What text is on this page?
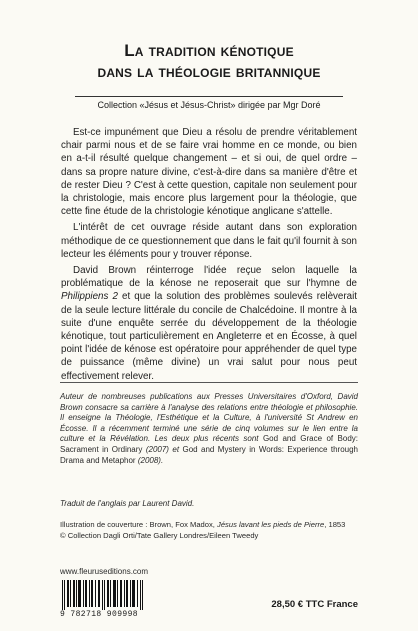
La tradition kénotique
dans la théologie britannique
Collection «Jésus et Jésus-Christ» dirigée par Mgr Doré

Est-ce impunément que Dieu a résolu de prendre véritablement chair parmi nous et de se faire vrai homme en ce monde, ou bien en a-t-il résulté quelque changement – et si oui, de quel ordre – dans sa propre nature divine, c'est-à-dire dans sa manière d'être et de rester Dieu ? C'est à cette question, capitale non seulement pour la christologie, mais encore plus largement pour la théologie, que cette fine étude de la christologie kénotique anglicane s'attelle.

L'intérêt de cet ouvrage réside autant dans son exploration méthodique de ce questionnement que dans le fait qu'il fournit à son lecteur les éléments pour y trouver réponse.

David Brown réinterroge l'idée reçue selon laquelle la problématique de la kénose ne reposerait que sur l'hymne de Philippiens 2 et que la solution des problèmes soulevés relèverait de la seule lecture littérale du concile de Chalcédoine. Il montre à la suite d'une enquête serrée du développement de la théologie kénotique, tout particulièrement en Angleterre et en Écosse, à quel point l'idée de kénose est opératoire pour appréhender de quel type de puissance (même divine) un vrai salut pour nous peut effectivement relever.

Auteur de nombreuses publications aux Presses Universitaires d'Oxford, David Brown consacre sa carrière à l'analyse des relations entre théologie et philosophie. Il enseigne la Théologie, l'Esthétique et la Culture, à l'université St Andrew en Écosse. Il a récemment terminé une série de cinq volumes sur le lien entre la culture et la Révélation. Les deux plus récents sont God and Grace of Body: Sacrament in Ordinary (2007) et God and Mystery in Words: Experience through Drama and Metaphor (2008).
Traduit de l'anglais par Laurent David.
Illustration de couverture : Brown, Fox Madox, Jésus lavant les pieds de Pierre, 1853
© Collection Dagli Orti/Tate Gallery Londres/Eileen Tweedy
www.fleuruseditions.com
9 782718 909998
28,50 € TTC France
